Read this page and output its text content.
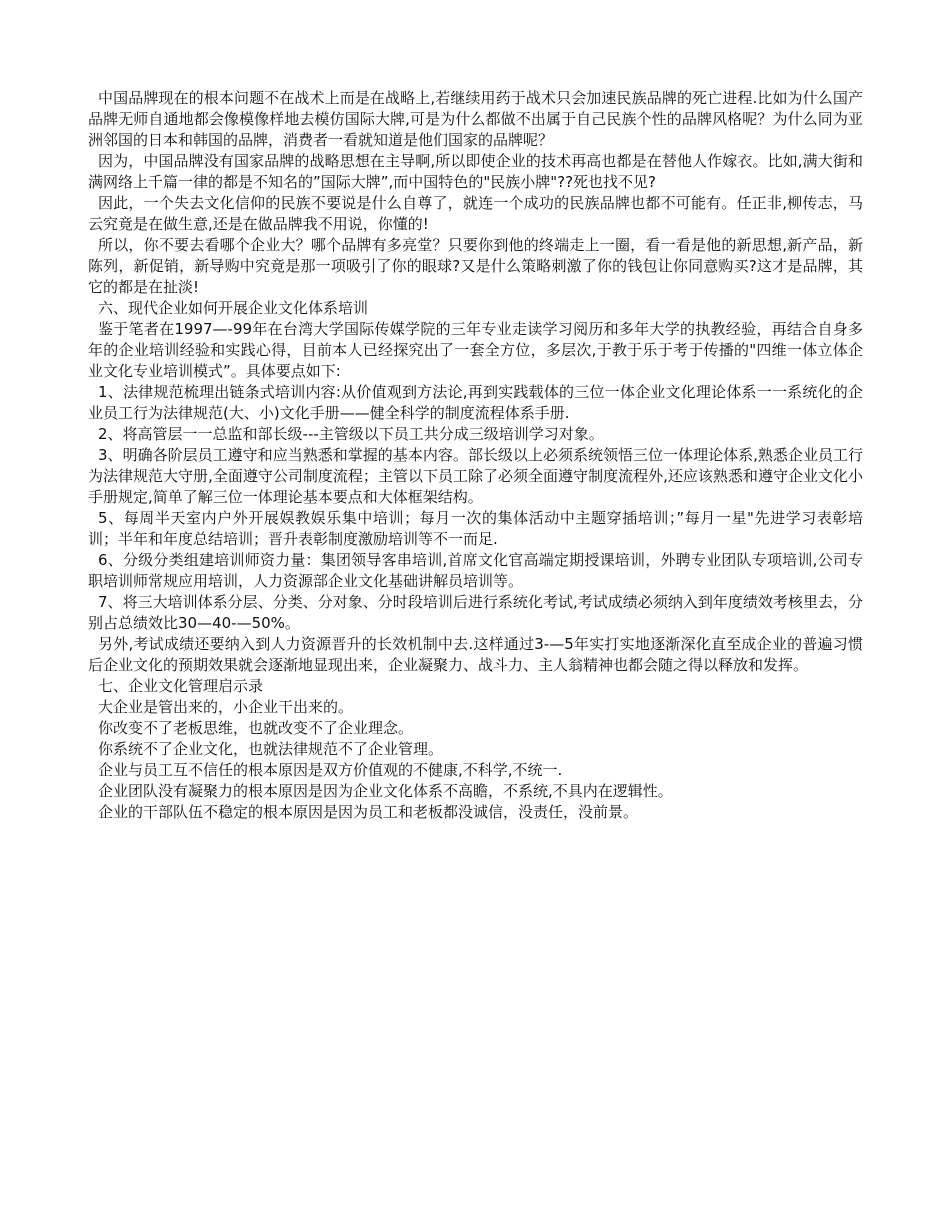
中国品牌现在的根本问题不在战术上而是在战略上,若继续用药于战术只会加速民族品牌的死亡进程.比如为什么国产品牌无师自通地都会像模像样地去模仿国际大牌,可是为什么都做不出属于自己民族个性的品牌风格呢？为什么同为亚洲邻国的日本和韩国的品牌，消费者一看就知道是他们国家的品牌呢？

因为，中国品牌没有国家品牌的战略思想在主导啊,所以即使企业的技术再高也都是在替他人作嫁衣。比如,满大街和满网络上千篇一律的都是不知名的”国际大牌”,而中国特色的"民族小牌"??死也找不见?

因此，一个失去文化信仰的民族不要说是什么自尊了，就连一个成功的民族品牌也都不可能有。任正非,柳传志，马云究竟是在做生意,还是在做品牌我不用说，你懂的!

所以，你不要去看哪个企业大？哪个品牌有多亮堂？只要你到他的终端走上一圈，看一看是他的新思想,新产品，新陈列，新促销，新导购中究竟是那一项吸引了你的眼球?又是什么策略刺激了你的钱包让你同意购买?这才是品牌，其它的都是在扯淡!

六、现代企业如何开展企业文化体系培训

鉴于笔者在1997—-99年在台湾大学国际传媒学院的三年专业走读学习阅历和多年大学的执教经验，再结合自身多年的企业培训经验和实践心得，目前本人已经探究出了一套全方位，多层次,于教于乐于考于传播的"四维一体立体企业文化专业培训模式”。具体要点如下:

1、法律规范梳理出链条式培训内容:从价值观到方法论,再到实践载体的三位一体企业文化理论体系一一系统化的企业员工行为法律规范(大、小)文化手册——健全科学的制度流程体系手册.

2、将高管层一一总监和部长级---主管级以下员工共分成三级培训学习对象。

3、明确各阶层员工遵守和应当熟悉和掌握的基本内容。部长级以上必须系统领悟三位一体理论体系,熟悉企业员工行为法律规范大守册,全面遵守公司制度流程；主管以下员工除了必须全面遵守制度流程外,还应该熟悉和遵守企业文化小手册规定,简单了解三位一体理论基本要点和大体框架结构。

5、每周半天室内户外开展娱教娱乐集中培训；每月一次的集体活动中主题穿插培训；”每月一星"先进学习表彰培训；半年和年度总结培训；晋升表彰制度激励培训等不一而足.

6、分级分类组建培训师资力量：集团领导客串培训,首席文化官高端定期授课培训，外聘专业团队专项培训,公司专职培训师常规应用培训，人力资源部企业文化基础讲解员培训等。

7、将三大培训体系分层、分类、分对象、分时段培训后进行系统化考试,考试成绩必须纳入到年度绩效考核里去，分别占总绩效比30—40-—50%。

另外,考试成绩还要纳入到人力资源晋升的长效机制中去.这样通过3-—5年实打实地逐渐深化直至成企业的普遍习惯后企业文化的预期效果就会逐渐地显现出来，企业凝聚力、战斗力、主人翁精神也都会随之得以释放和发挥。

七、企业文化管理启示录

大企业是管出来的，小企业干出来的。

你改变不了老板思维，也就改变不了企业理念。

你系统不了企业文化，也就法律规范不了企业管理。

企业与员工互不信任的根本原因是双方价值观的不健康,不科学,不统一.

企业团队没有凝聚力的根本原因是因为企业文化体系不高瞻，不系统,不具内在逻辑性。

企业的干部队伍不稳定的根本原因是因为员工和老板都没诚信，没责任，没前景。
